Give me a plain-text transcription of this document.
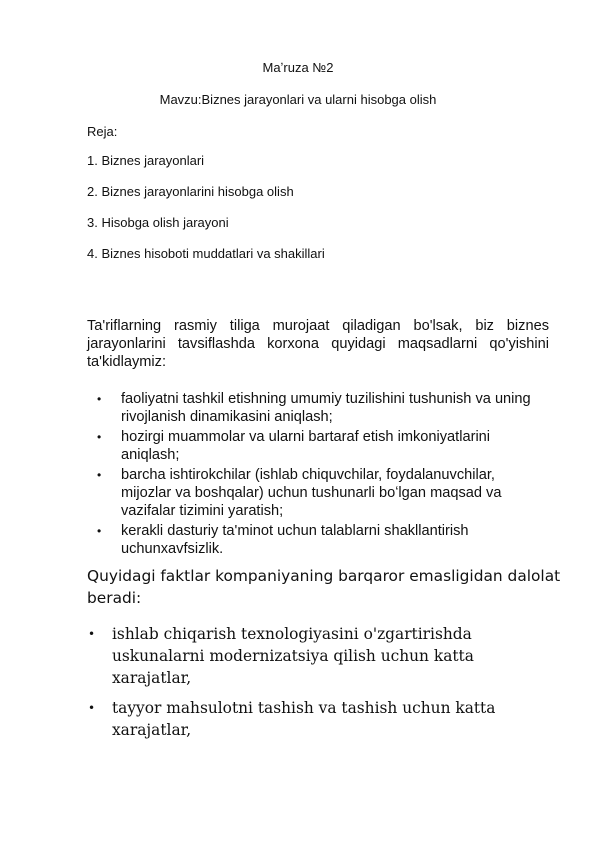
Maʼruza №2
Mavzu:Biznes jarayonlari va ularni hisobga olish
Reja:
1. Biznes jarayonlari
2. Biznes jarayonlarini hisobga olish
3. Hisobga olish jarayoni
4. Biznes hisoboti muddatlari va shakillari

Ta'riflarning rasmiy tiliga murojaat qiladigan bo'lsak, biz biznes jarayonlarini tavsiflashda korxona quyidagi maqsadlarni qo'yishini ta'kidlaymiz:

• faoliyatni tashkil etishning umumiy tuzilishini tushunish va uning rivojlanish dinamikasini aniqlash;
• hozirgi muammolar va ularni bartaraf etish imkoniyatlarini aniqlash;
• barcha ishtirokchilar (ishlab chiquvchilar, foydalanuvchilar, mijozlar va boshqalar) uchun tushunarli boʻlgan maqsad va vazifalar tizimini yaratish;
• kerakli dasturiy ta'minot uchun talablarni shakllantirish uchunxavfsizlik.

Quyidagi faktlar kompaniyaning barqaror emasligidan dalolat beradi:

• ishlab chiqarish texnologiyasini o'zgartirishda uskunalarni modernizatsiya qilish uchun katta xarajatlar,
• tayyor mahsulotni tashish va tashish uchun katta xarajatlar,
